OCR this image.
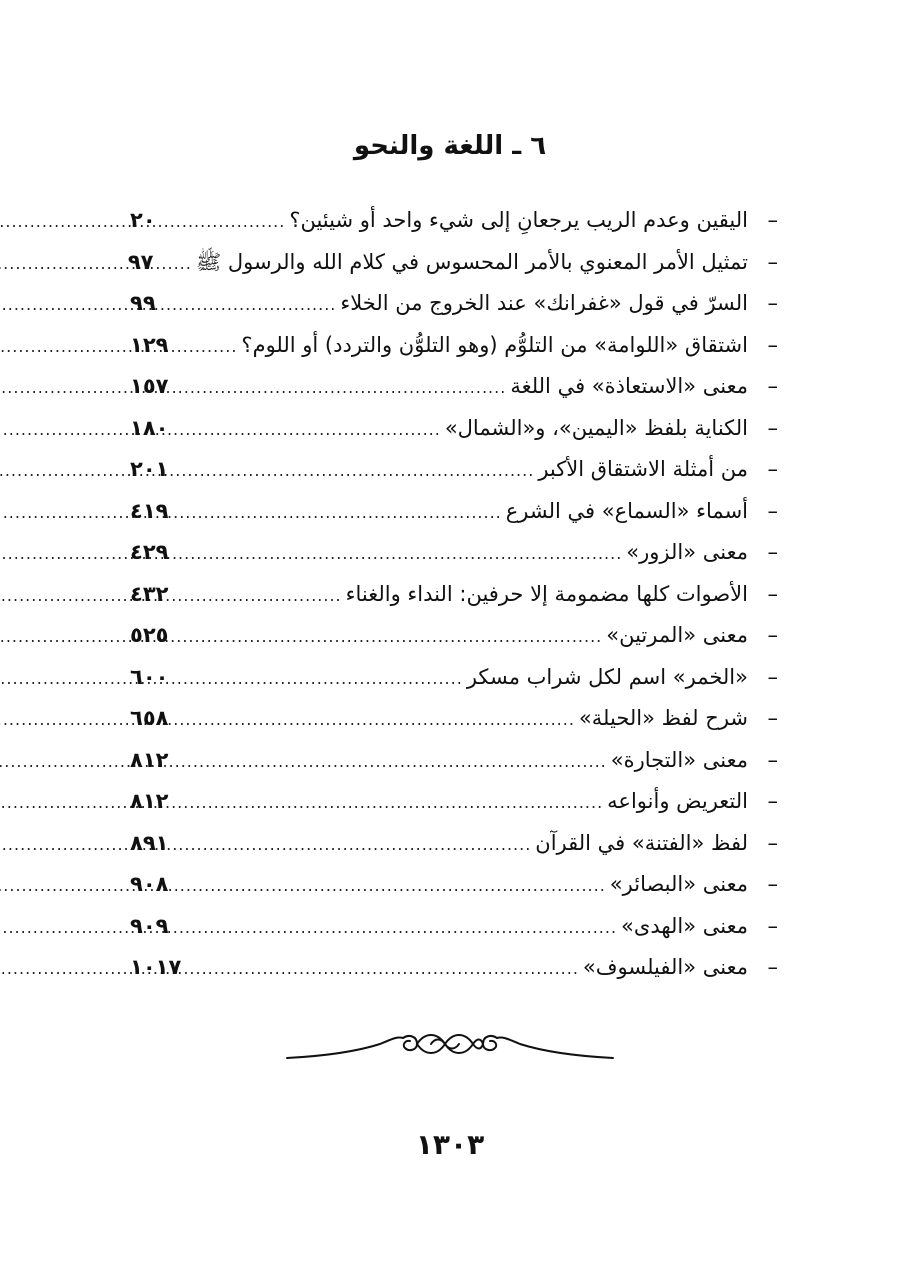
٦ ـ اللغة والنحو
–
اليقين وعدم الريب يرجعانِ إلى شيء واحد أو شيئين؟
.....
٢٠
–
تمثيل الأمر المعنوي بالأمر المحسوس في كلام الله والرسول ﷺ
.....
٩٧
–
السرّ في قول «غفرانك» عند الخروج من الخلاء
.....
٩٩
–
اشتقاق «اللوامة» من التلوُّم (وهو التلوُّن والتردد) أو اللوم؟
.....
١٢٩
–
معنى «الاستعاذة» في اللغة
.....
١٥٧
–
الكناية بلفظ «اليمين»، و«الشمال»
.....
١٨٠
–
من أمثلة الاشتقاق الأكبر
.....
٢٠١
–
أسماء «السماع» في الشرع
.....
٤١٩
–
معنى «الزور»
.....
٤٢٩
–
الأصوات كلها مضمومة إلا حرفين: النداء والغناء
.....
٤٣٢
–
معنى «المرتين»
.....
٥٢٥
–
«الخمر» اسم لكل شراب مسكر
.....
٦٠٠
–
شرح لفظ «الحيلة»
.....
٦٥٨
–
معنى «التجارة»
.....
٨١٢
–
التعريض وأنواعه
.....
٨١٢
–
لفظ «الفتنة» في القرآن
.....
٨٩١
–
معنى «البصائر»
.....
٩٠٨
–
معنى «الهدى»
.....
٩٠٩
–
معنى «الفيلسوف»
.....
١٠١٧
١٣٠٣
